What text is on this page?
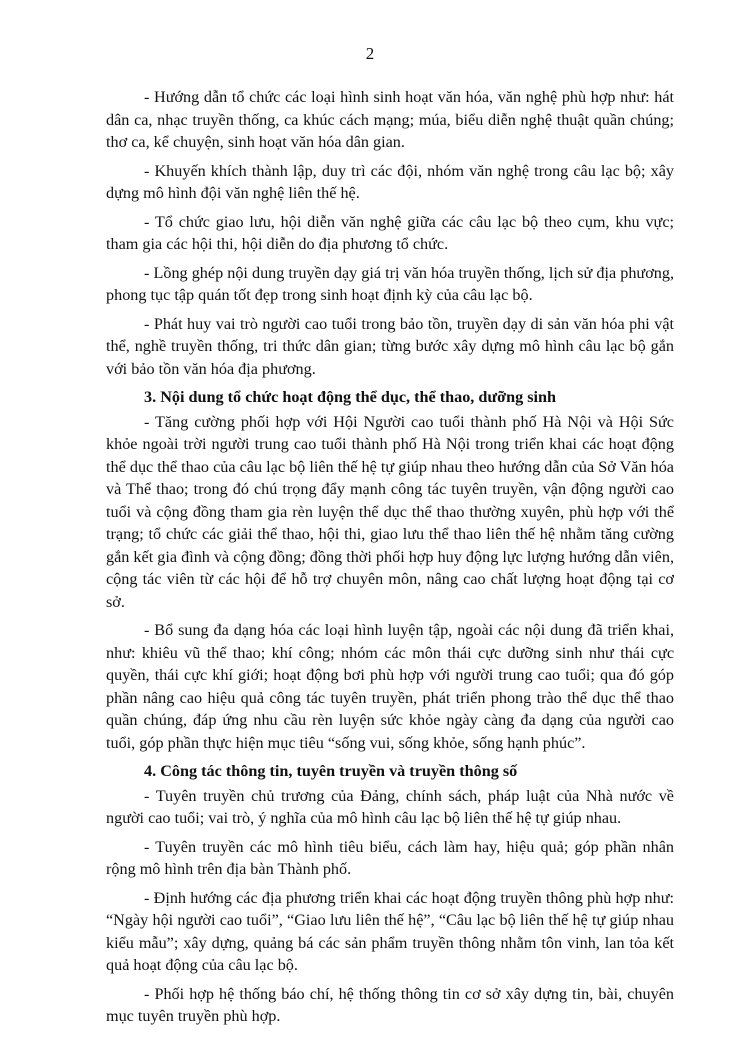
2

- Hướng dẫn tổ chức các loại hình sinh hoạt văn hóa, văn nghệ phù hợp như: hát dân ca, nhạc truyền thống, ca khúc cách mạng; múa, biểu diễn nghệ thuật quần chúng; thơ ca, kể chuyện, sinh hoạt văn hóa dân gian.

- Khuyến khích thành lập, duy trì các đội, nhóm văn nghệ trong câu lạc bộ; xây dựng mô hình đội văn nghệ liên thế hệ.

- Tổ chức giao lưu, hội diễn văn nghệ giữa các câu lạc bộ theo cụm, khu vực; tham gia các hội thi, hội diễn do địa phương tổ chức.

- Lồng ghép nội dung truyền dạy giá trị văn hóa truyền thống, lịch sử địa phương, phong tục tập quán tốt đẹp trong sinh hoạt định kỳ của câu lạc bộ.

- Phát huy vai trò người cao tuổi trong bảo tồn, truyền dạy di sản văn hóa phi vật thể, nghề truyền thống, tri thức dân gian; từng bước xây dựng mô hình câu lạc bộ gắn với bảo tồn văn hóa địa phương.

3. Nội dung tổ chức hoạt động thể dục, thể thao, dưỡng sinh

- Tăng cường phối hợp với Hội Người cao tuổi thành phố Hà Nội và Hội Sức khỏe ngoài trời người trung cao tuổi thành phố Hà Nội trong triển khai các hoạt động thể dục thể thao của câu lạc bộ liên thế hệ tự giúp nhau theo hướng dẫn của Sở Văn hóa và Thể thao; trong đó chú trọng đẩy mạnh công tác tuyên truyền, vận động người cao tuổi và cộng đồng tham gia rèn luyện thể dục thể thao thường xuyên, phù hợp với thể trạng; tổ chức các giải thể thao, hội thi, giao lưu thể thao liên thế hệ nhằm tăng cường gắn kết gia đình và cộng đồng; đồng thời phối hợp huy động lực lượng hướng dẫn viên, cộng tác viên từ các hội để hỗ trợ chuyên môn, nâng cao chất lượng hoạt động tại cơ sở.

- Bổ sung đa dạng hóa các loại hình luyện tập, ngoài các nội dung đã triển khai, như: khiêu vũ thể thao; khí công; nhóm các môn thái cực dưỡng sinh như thái cực quyền, thái cực khí giới; hoạt động bơi phù hợp với người trung cao tuổi; qua đó góp phần nâng cao hiệu quả công tác tuyên truyền, phát triển phong trào thể dục thể thao quần chúng, đáp ứng nhu cầu rèn luyện sức khỏe ngày càng đa dạng của người cao tuổi, góp phần thực hiện mục tiêu “sống vui, sống khỏe, sống hạnh phúc”.

4. Công tác thông tin, tuyên truyền và truyền thông số

- Tuyên truyền chủ trương của Đảng, chính sách, pháp luật của Nhà nước về người cao tuổi; vai trò, ý nghĩa của mô hình câu lạc bộ liên thế hệ tự giúp nhau.

- Tuyên truyền các mô hình tiêu biểu, cách làm hay, hiệu quả; góp phần nhân rộng mô hình trên địa bàn Thành phố.

- Định hướng các địa phương triển khai các hoạt động truyền thông phù hợp như: “Ngày hội người cao tuổi”, “Giao lưu liên thế hệ”, “Câu lạc bộ liên thế hệ tự giúp nhau kiểu mẫu”; xây dựng, quảng bá các sản phẩm truyền thông nhằm tôn vinh, lan tỏa kết quả hoạt động của câu lạc bộ.

- Phối hợp hệ thống báo chí, hệ thống thông tin cơ sở xây dựng tin, bài, chuyên mục tuyên truyền phù hợp.
